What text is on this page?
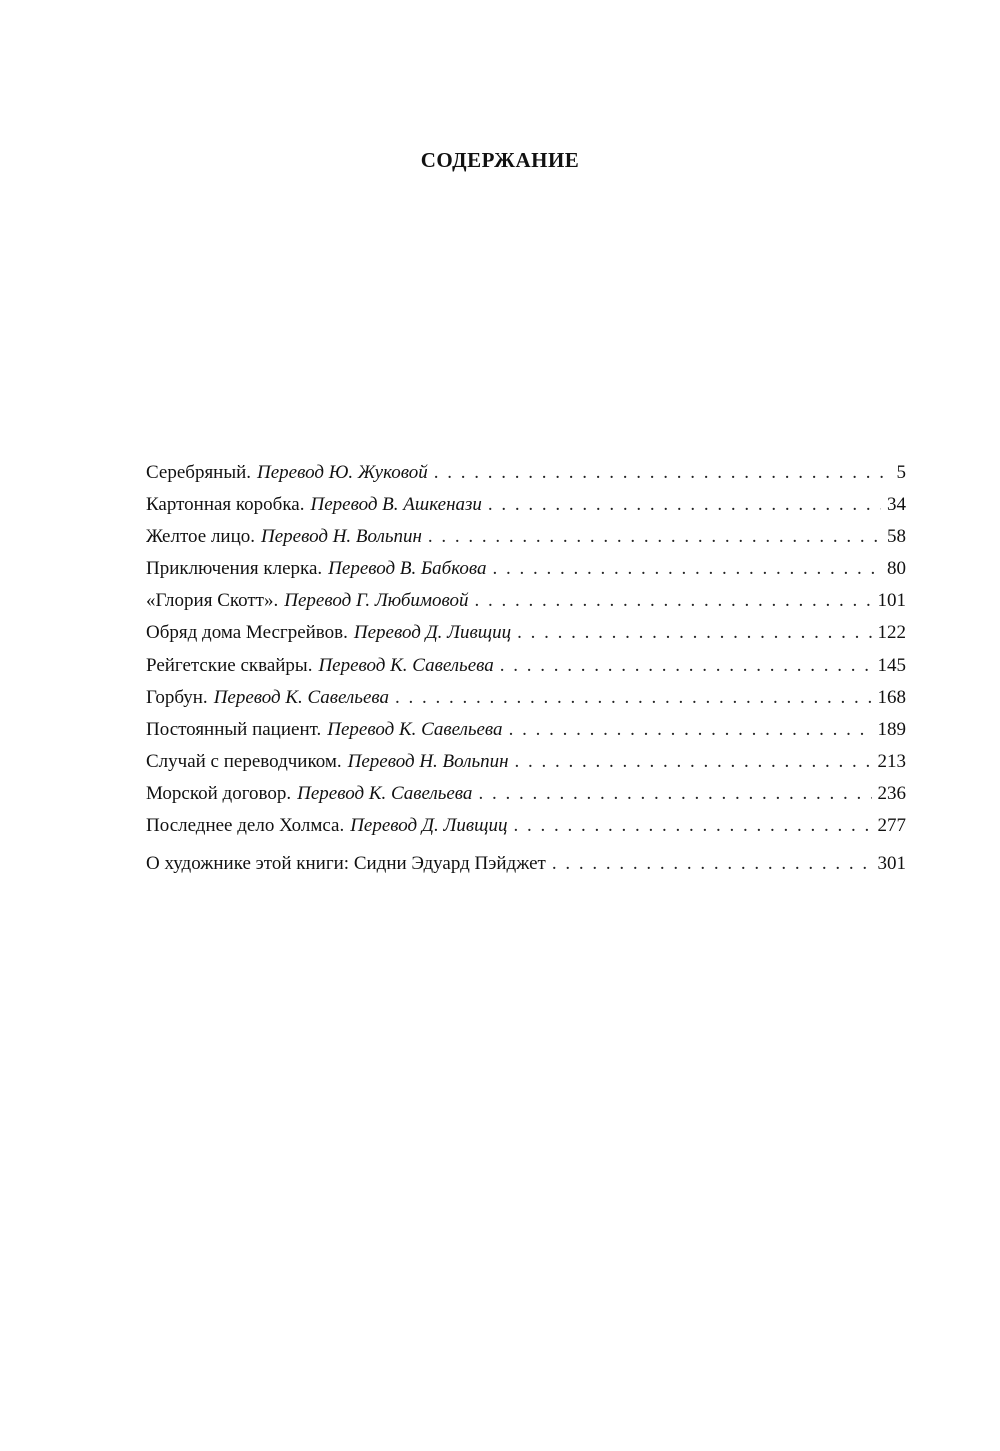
СОДЕРЖАНИЕ
Серебряный. Перевод Ю. Жуковой . . .	5
Картонная коробка. Перевод В. Ашкенази . . .	34
Желтое лицо. Перевод Н. Вольпин . . .	58
Приключения клерка. Перевод В. Бабкова . . .	80
«Глория Скотт». Перевод Г. Любимовой . . .	101
Обряд дома Месгрейвов. Перевод Д. Ливщиц . . .	122
Рейгетские сквайры. Перевод К. Савельева . . .	145
Горбун. Перевод К. Савельева . . .	168
Постоянный пациент. Перевод К. Савельева . . .	189
Случай с переводчиком. Перевод Н. Вольпин . . .	213
Морской договор. Перевод К. Савельева . . .	236
Последнее дело Холмса. Перевод Д. Ливщиц . . .	277
О художнике этой книги: Сидни Эдуард Пэйджет . . .	301
